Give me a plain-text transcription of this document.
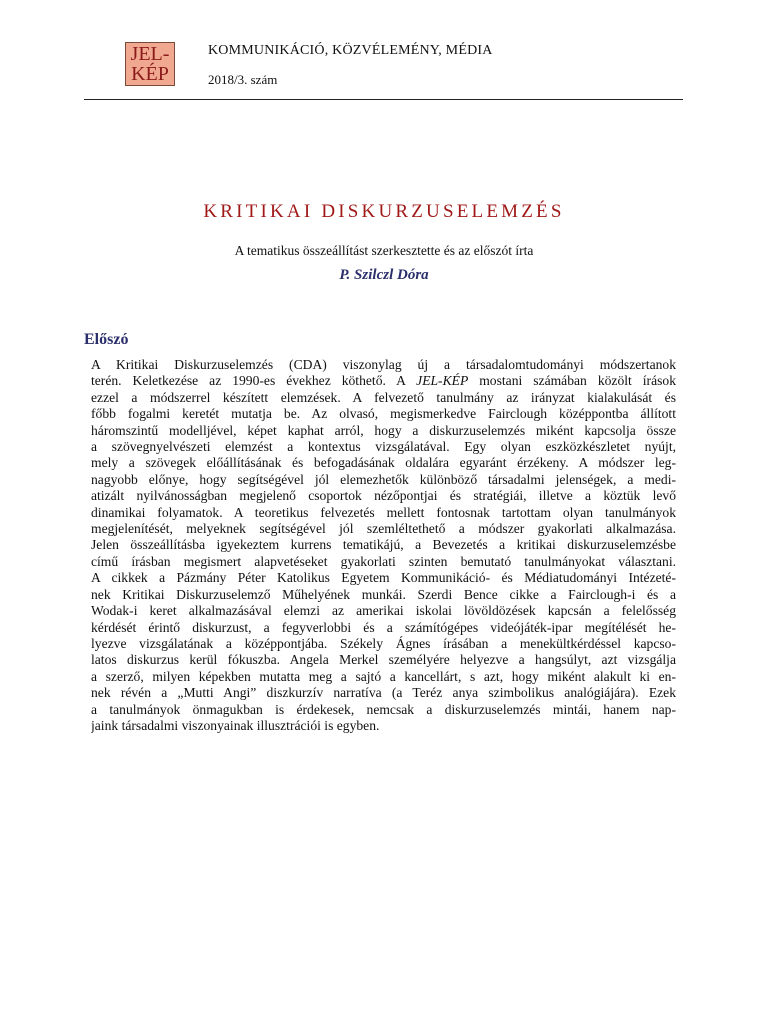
JEL-
KÉP
KOMMUNIKÁCIÓ, KÖZVÉLEMÉNY, MÉDIA
2018/3. szám
KRITIKAI DISKURZUSELEMZÉS
A tematikus összeállítást szerkesztette és az előszót írta
P. Szilczl Dóra
Előszó
A Kritikai Diskurzuselemzés (CDA) viszonylag új a társadalomtudományi módszertanok
terén. Keletkezése az 1990-es évekhez köthető. A JEL-KÉP mostani számában közölt írások
ezzel a módszerrel készített elemzések. A felvezető tanulmány az irányzat kialakulását és
főbb fogalmi keretét mutatja be. Az olvasó, megismerkedve Fairclough középpontba állított
háromszintű modelljével, képet kaphat arról, hogy a diskurzuselemzés miként kapcsolja össze
a szövegnyelvészeti elemzést a kontextus vizsgálatával. Egy olyan eszközkészletet nyújt,
mely a szövegek előállításának és befogadásának oldalára egyaránt érzékeny. A módszer leg-
nagyobb előnye, hogy segítségével jól elemezhetők különböző társadalmi jelenségek, a medi-
atizált nyilvánosságban megjelenő csoportok nézőpontjai és stratégiái, illetve a köztük levő
dinamikai folyamatok. A teoretikus felvezetés mellett fontosnak tartottam olyan tanulmányok
megjelenítését, melyeknek segítségével jól szemléltethető a módszer gyakorlati alkalmazása.
Jelen összeállításba igyekeztem kurrens tematikájú, a Bevezetés a kritikai diskurzuselemzésbe
című írásban megismert alapvetéseket gyakorlati szinten bemutató tanulmányokat választani.
A cikkek a Pázmány Péter Katolikus Egyetem Kommunikáció- és Médiatudományi Intézeté-
nek Kritikai Diskurzuselemző Műhelyének munkái. Szerdi Bence cikke a Fairclough-i és a
Wodak-i keret alkalmazásával elemzi az amerikai iskolai lövöldözések kapcsán a felelősség
kérdését érintő diskurzust, a fegyverlobbi és a számítógépes videójáték-ipar megítélését he-
lyezve vizsgálatának a középpontjába. Székely Ágnes írásában a menekültkérdéssel kapcso-
latos diskurzus kerül fókuszba. Angela Merkel személyére helyezve a hangsúlyt, azt vizsgálja
a szerző, milyen képekben mutatta meg a sajtó a kancellárt, s azt, hogy miként alakult ki en-
nek révén a „Mutti Angi” diszkurzív narratíva (a Teréz anya szimbolikus analógiájára). Ezek
a tanulmányok önmagukban is érdekesek, nemcsak a diskurzuselemzés mintái, hanem nap-
jaink társadalmi viszonyainak illusztrációi is egyben.
